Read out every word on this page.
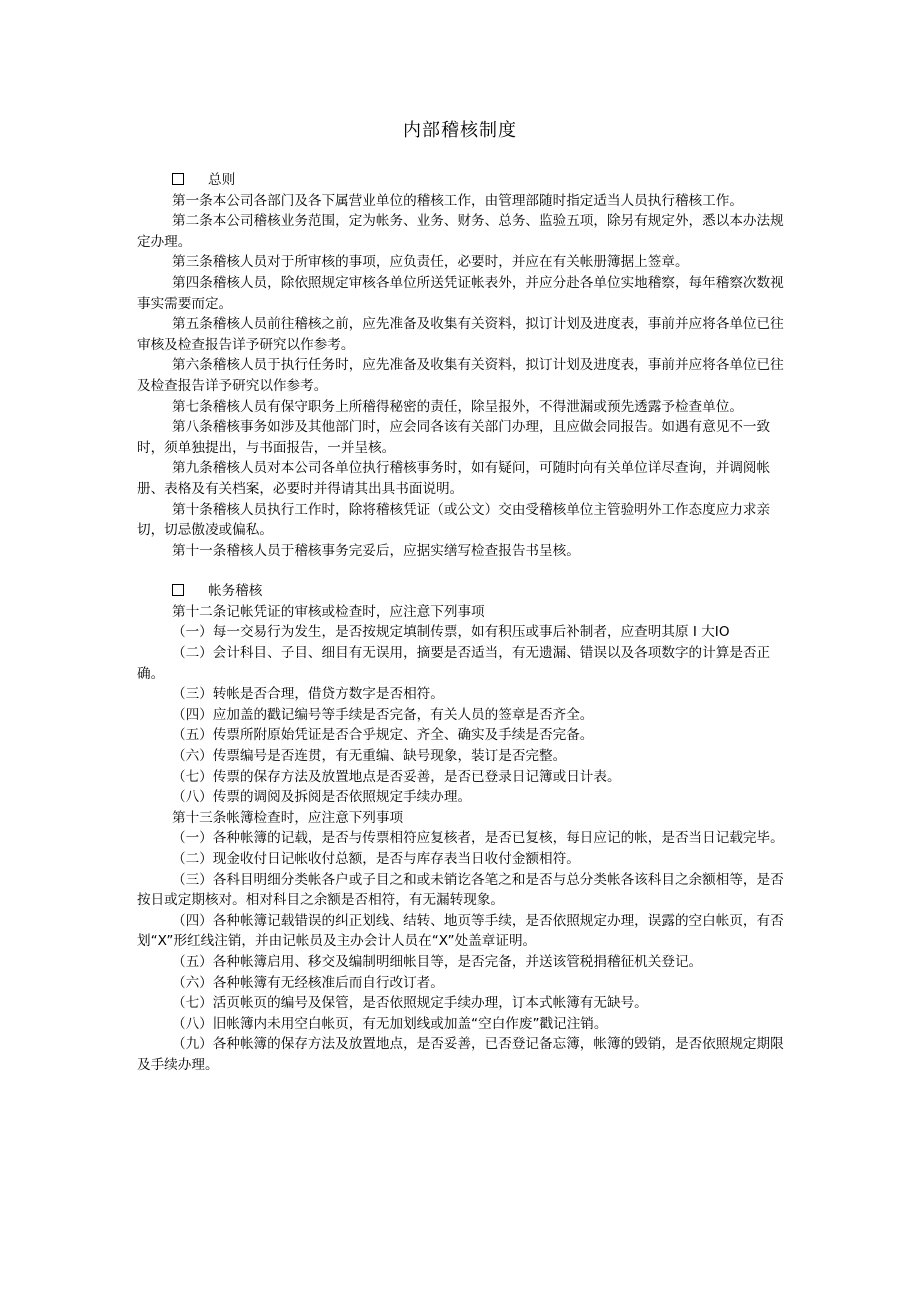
内部稽核制度
总则

第一条本公司各部门及各下属营业单位的稽核工作，由管理部随时指定适当人员执行稽核工作。

第二条本公司稽核业务范围，定为帐务、业务、财务、总务、监验五项，除另有规定外，悉以本办法规定办理。

第三条稽核人员对于所审核的事项，应负责任，必要时，并应在有关帐册簿据上签章。

第四条稽核人员，除依照规定审核各单位所送凭证帐表外，并应分赴各单位实地稽察，每年稽察次数视事实需要而定。

第五条稽核人员前往稽核之前，应先准备及收集有关资料，拟订计划及进度表，事前并应将各单位已往审核及检查报告详予研究以作参考。

第六条稽核人员于执行任务时，应先准备及收集有关资料，拟订计划及进度表，事前并应将各单位已往及检查报告详予研究以作参考。

第七条稽核人员有保守职务上所稽得秘密的责任，除呈报外，不得泄漏或预先透露予检查单位。

第八条稽核事务如涉及其他部门时，应会同各该有关部门办理，且应做会同报告。如遇有意见不一致时，须单独提出，与书面报告，一并呈核。

第九条稽核人员对本公司各单位执行稽核事务时，如有疑问，可随时向有关单位详尽查询，并调阅帐册、表格及有关档案，必要时并得请其出具书面说明。

第十条稽核人员执行工作时，除将稽核凭证（或公文）交由受稽核单位主管验明外工作态度应力求亲切，切忌傲凌或偏私。

第十一条稽核人员于稽核事务完妥后，应据实缮写检查报告书呈核。

帐务稽核

第十二条记帐凭证的审核或检查时，应注意下列事项

（一）每一交易行为发生，是否按规定填制传票，如有积压或事后补制者，应查明其原 I 大IO

（二）会计科目、子目、细目有无误用，摘要是否适当，有无遗漏、错误以及各项数字的计算是否正确。

（三）转帐是否合理，借贷方数字是否相符。

（四）应加盖的戳记编号等手续是否完备，有关人员的签章是否齐全。

（五）传票所附原始凭证是否合乎规定、齐全、确实及手续是否完备。

（六）传票编号是否连贯，有无重编、缺号现象，装订是否完整。

（七）传票的保存方法及放置地点是否妥善，是否已登录日记簿或日计表。

（八）传票的调阅及拆阅是否依照规定手续办理。

第十三条帐簿检查时，应注意下列事项

（一）各种帐簿的记载，是否与传票相符应复核者，是否已复核，每日应记的帐，是否当日记载完毕。

（二）现金收付日记帐收付总额，是否与库存表当日收付金额相符。

（三）各科目明细分类帐各户或子目之和或未销讫各笔之和是否与总分类帐各该科目之余额相等，是否按日或定期核对。相对科目之余额是否相符，有无漏转现象。

（四）各种帐簿记载错误的纠正划线、结转、地页等手续，是否依照规定办理，误露的空白帐页，有否划“X”形红线注销，并由记帐员及主办会计人员在“X”处盖章证明。

（五）各种帐簿启用、移交及编制明细帐目等，是否完备，并送该管税捐稽征机关登记。

（六）各种帐簿有无经核准后而自行改订者。

（七）活页帐页的编号及保管，是否依照规定手续办理，订本式帐簿有无缺号。

（八）旧帐簿内未用空白帐页，有无加划线或加盖“空白作废”戳记注销。

（九）各种帐簿的保存方法及放置地点，是否妥善，已否登记备忘簿，帐簿的毁销，是否依照规定期限及手续办理。
